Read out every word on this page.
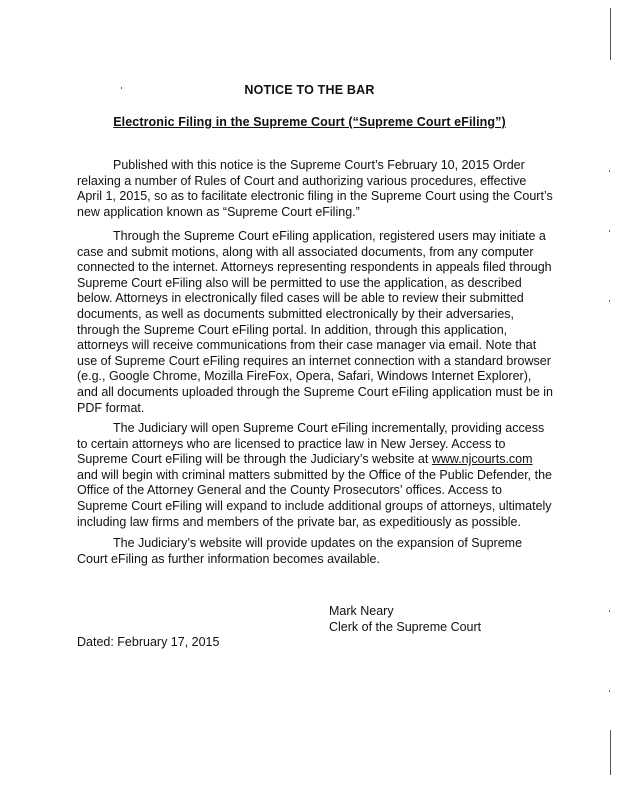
NOTICE TO THE BAR
Electronic Filing in the Supreme Court (“Supreme Court eFiling”)

Published with this notice is the Supreme Court’s February 10, 2015 Order relaxing a number of Rules of Court and authorizing various procedures, effective April 1, 2015, so as to facilitate electronic filing in the Supreme Court using the Court’s new application known as “Supreme Court eFiling.”

Through the Supreme Court eFiling application, registered users may initiate a case and submit motions, along with all associated documents, from any computer connected to the internet. Attorneys representing respondents in appeals filed through Supreme Court eFiling also will be permitted to use the application, as described below. Attorneys in electronically filed cases will be able to review their submitted documents, as well as documents submitted electronically by their adversaries, through the Supreme Court eFiling portal. In addition, through this application, attorneys will receive communications from their case manager via email. Note that use of Supreme Court eFiling requires an internet connection with a standard browser (e.g., Google Chrome, Mozilla FireFox, Opera, Safari, Windows Internet Explorer), and all documents uploaded through the Supreme Court eFiling application must be in PDF format.

The Judiciary will open Supreme Court eFiling incrementally, providing access to certain attorneys who are licensed to practice law in New Jersey. Access to Supreme Court eFiling will be through the Judiciary’s website at www.njcourts.com and will begin with criminal matters submitted by the Office of the Public Defender, the Office of the Attorney General and the County Prosecutors’ offices. Access to Supreme Court eFiling will expand to include additional groups of attorneys, ultimately including law firms and members of the private bar, as expeditiously as possible.

The Judiciary’s website will provide updates on the expansion of Supreme Court eFiling as further information becomes available.

Mark Neary
Clerk of the Supreme Court
Dated: February 17, 2015
